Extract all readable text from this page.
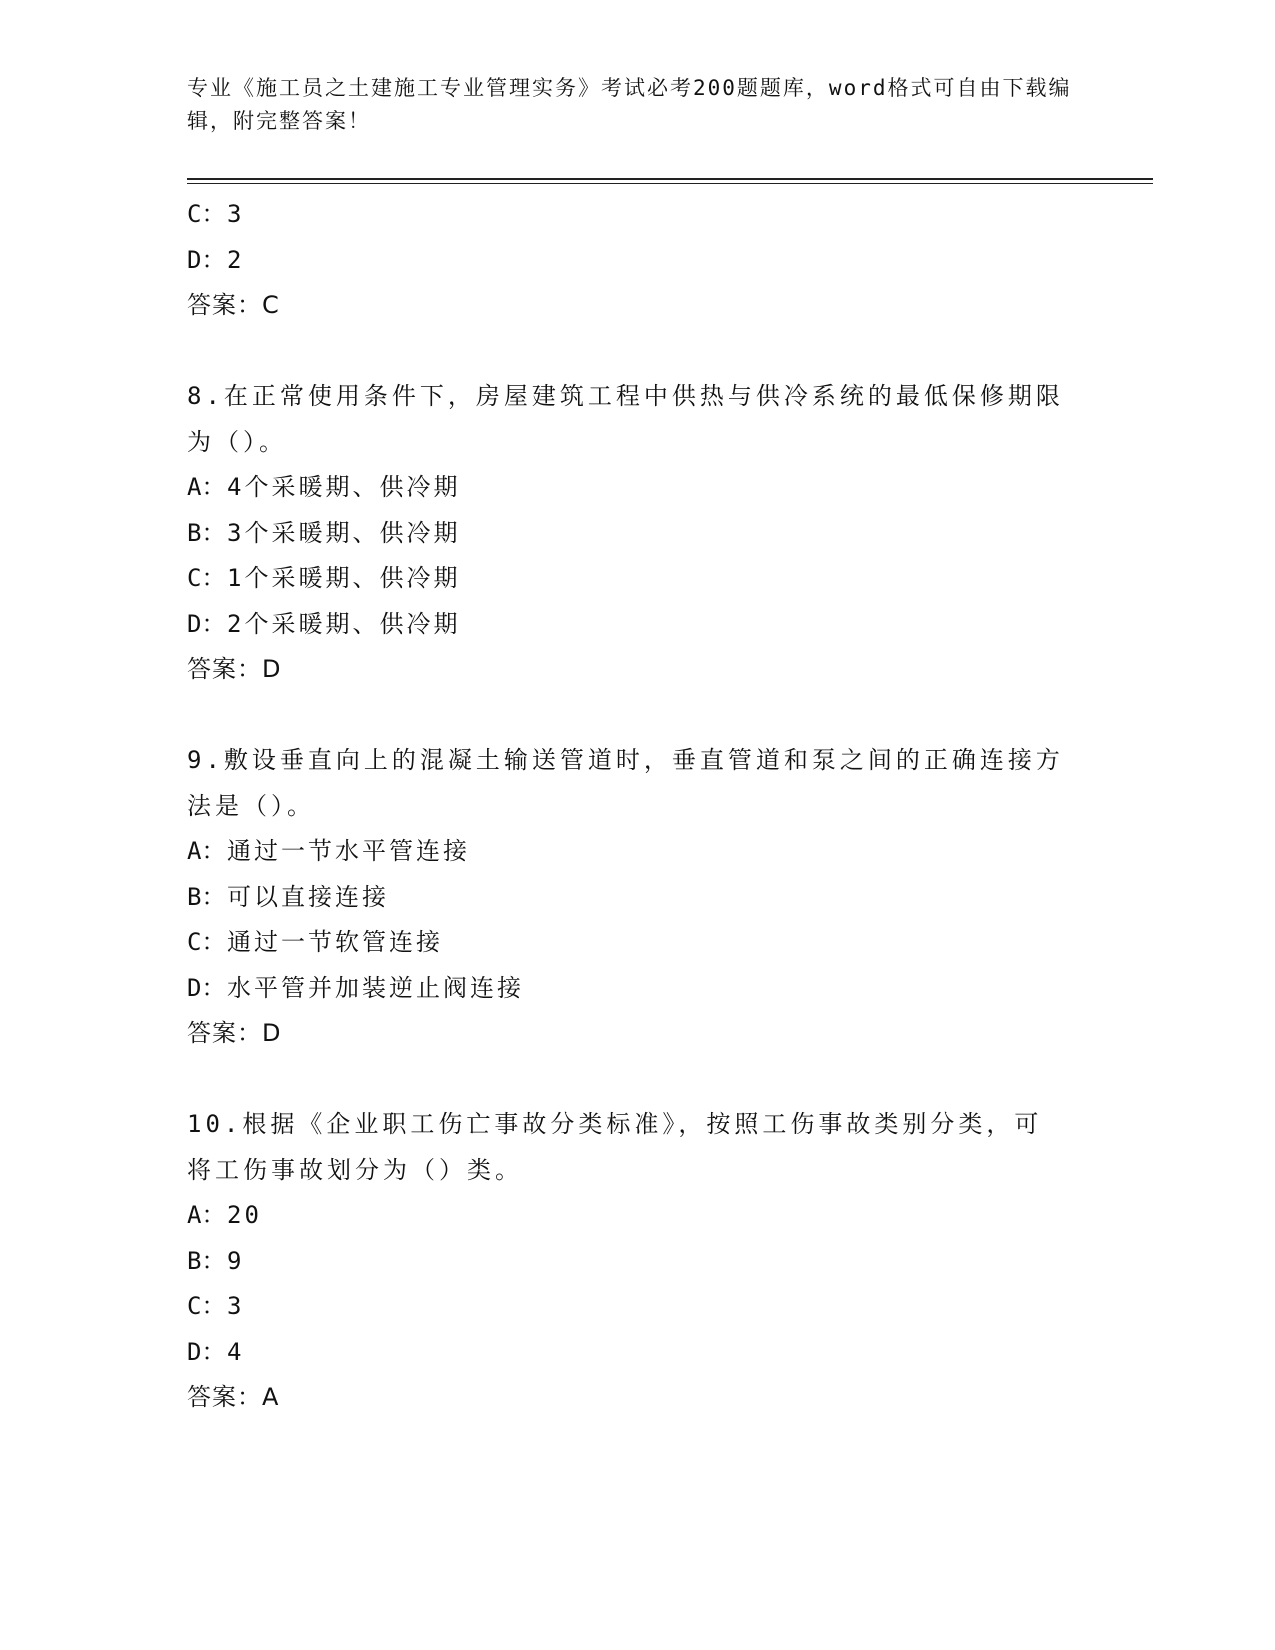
专业《施工员之土建施工专业管理实务》考试必考200题题库，word格式可自由下载编辑，附完整答案！
C：3
D：2
答案：C
8.在正常使用条件下，房屋建筑工程中供热与供冷系统的最低保修期限为（）。
A：4个采暖期、供冷期
B：3个采暖期、供冷期
C：1个采暖期、供冷期
D：2个采暖期、供冷期
答案：D
9.敷设垂直向上的混凝土输送管道时，垂直管道和泵之间的正确连接方法是（）。
A：通过一节水平管连接
B：可以直接连接
C：通过一节软管连接
D：水平管并加装逆止阀连接
答案：D
10.根据《企业职工伤亡事故分类标准》，按照工伤事故类别分类，可将工伤事故划分为（）类。
A：20
B：9
C：3
D：4
答案：A
